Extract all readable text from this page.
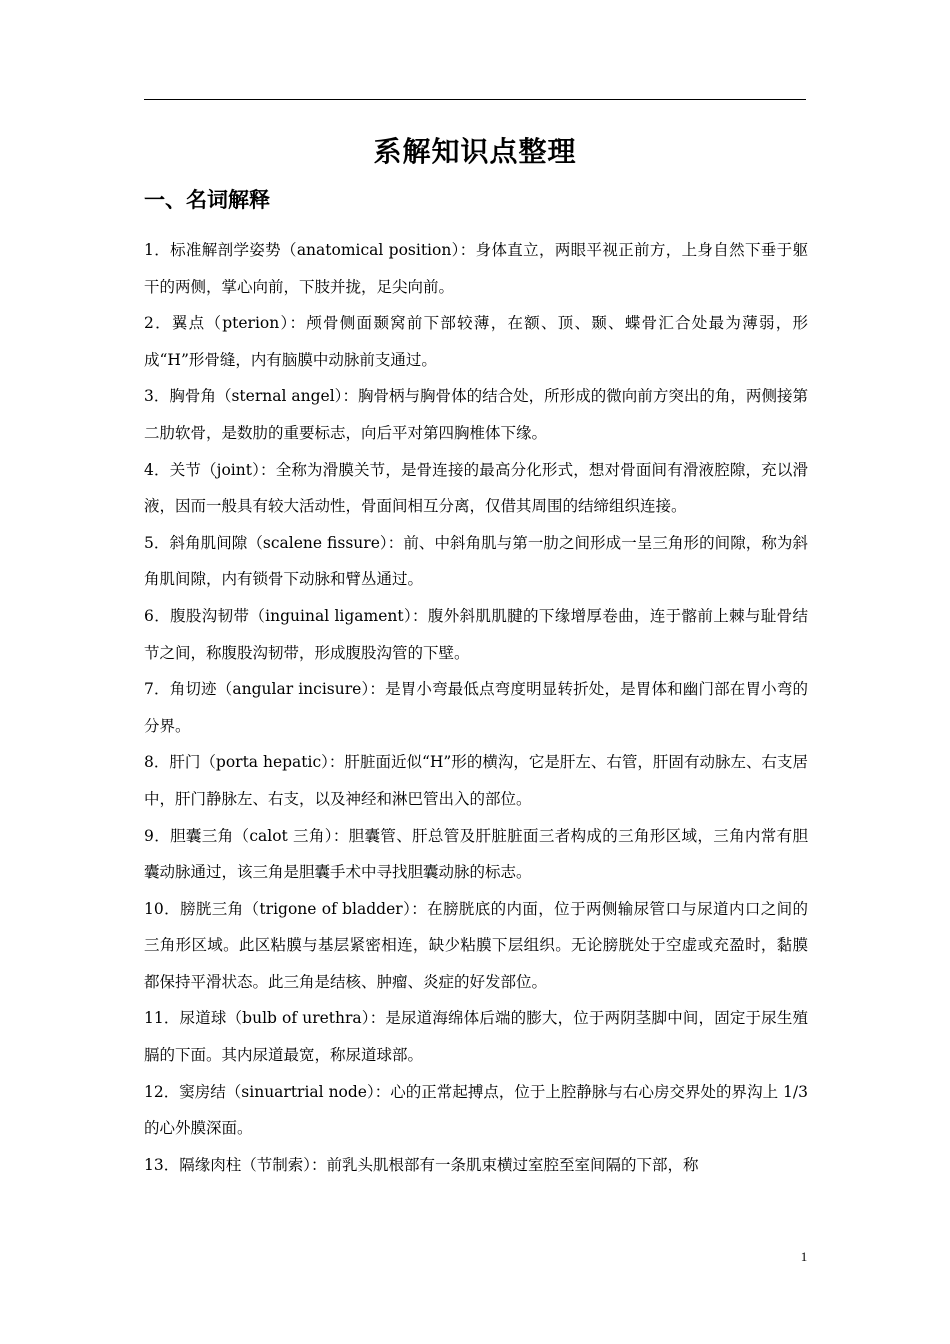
系解知识点整理
一、名词解释
1．标准解剖学姿势（anatomical position）：身体直立，两眼平视正前方，上身自然下垂于躯干的两侧，掌心向前，下肢并拢，足尖向前。
2．翼点（pterion）：颅骨侧面颞窝前下部较薄，在额、顶、颞、蝶骨汇合处最为薄弱，形成“H”形骨缝，内有脑膜中动脉前支通过。
3．胸骨角（sternal angel）：胸骨柄与胸骨体的结合处，所形成的微向前方突出的角，两侧接第二肋软骨，是数肋的重要标志，向后平对第四胸椎体下缘。
4．关节（joint）：全称为滑膜关节，是骨连接的最高分化形式，想对骨面间有滑液腔隙，充以滑液，因而一般具有较大活动性，骨面间相互分离，仅借其周围的结缔组织连接。
5．斜角肌间隙（scalene fissure）：前、中斜角肌与第一肋之间形成一呈三角形的间隙，称为斜角肌间隙，内有锁骨下动脉和臂丛通过。
6．腹股沟韧带（inguinal ligament）：腹外斜肌肌腱的下缘增厚卷曲，连于髂前上棘与耻骨结节之间，称腹股沟韧带，形成腹股沟管的下壁。
7．角切迹（angular incisure）：是胃小弯最低点弯度明显转折处，是胃体和幽门部在胃小弯的分界。
8．肝门（porta hepatic）：肝脏面近似“H”形的横沟，它是肝左、右管，肝固有动脉左、右支居中，肝门静脉左、右支，以及神经和淋巴管出入的部位。
9．胆囊三角（calot 三角）：胆囊管、肝总管及肝脏脏面三者构成的三角形区域，三角内常有胆囊动脉通过，该三角是胆囊手术中寻找胆囊动脉的标志。
10．膀胱三角（trigone of bladder）：在膀胱底的内面，位于两侧输尿管口与尿道内口之间的三角形区域。此区粘膜与基层紧密相连，缺少粘膜下层组织。无论膀胱处于空虚或充盈时，黏膜都保持平滑状态。此三角是结核、肿瘤、炎症的好发部位。
11．尿道球（bulb of urethra）：是尿道海绵体后端的膨大，位于两阴茎脚中间，固定于尿生殖膈的下面。其内尿道最宽，称尿道球部。
12．窦房结（sinuartrial node）：心的正常起搏点，位于上腔静脉与右心房交界处的界沟上 1/3 的心外膜深面。
13．隔缘肉柱（节制索）：前乳头肌根部有一条肌束横过室腔至室间隔的下部，称
1
